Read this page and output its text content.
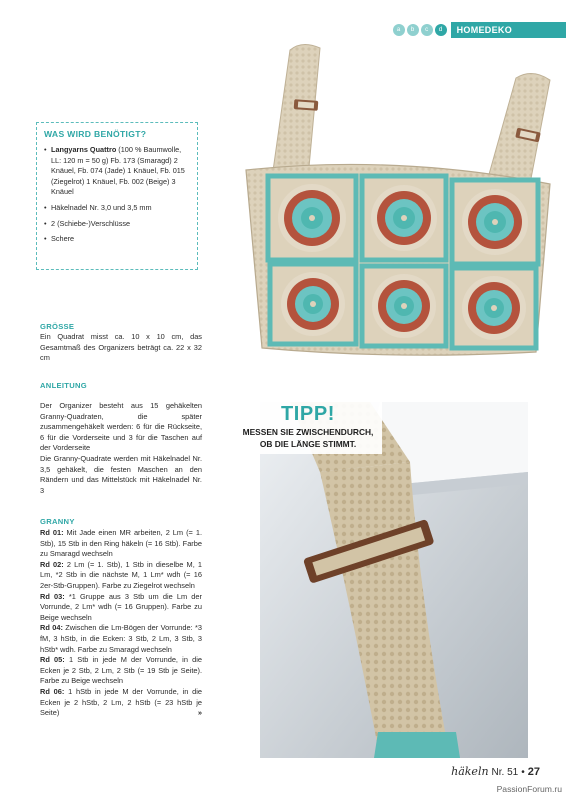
a	b	c	d	HOMEDEKO
TIPP!
MESSEN SIE ZWISCHENDURCH,
OB DIE LÄNGE STIMMT.
WAS WIRD BENÖTIGT?
• Langyarns Quattro (100 % Baumwolle, LL: 120 m = 50 g) Fb. 173 (Smaragd) 2 Knäuel, Fb. 074 (Jade) 1 Knäuel, Fb. 015 (Ziegelrot) 1 Knäuel, Fb. 002 (Beige) 3 Knäuel
• Häkelnadel Nr. 3,0 und 3,5 mm
• 2 (Schiebe-)Verschlüsse
• Schere
GRÖSSE
Ein Quadrat misst ca. 10 x 10 cm, das Gesamtmaß des Organizers beträgt ca. 22 x 32 cm
ANLEITUNG
Der Organizer besteht aus 15 gehäkelten Granny-Quadraten, die später zusammengehäkelt werden: 6 für die Rückseite, 6 für die Vorderseite und 3 für die Taschen auf der Vorderseite
Die Granny-Quadrate werden mit Häkelnadel Nr. 3,5 gehäkelt, die festen Maschen an den Rändern und das Mittelstück mit Häkelnadel Nr. 3
GRANNY

Rd 01: Mit Jade einen MR arbeiten, 2 Lm (= 1. Stb), 15 Stb in den Ring häkeln (= 16 Stb). Farbe zu Smaragd wechseln

Rd 02: 2 Lm (= 1. Stb), 1 Stb in dieselbe M, 1 Lm, *2 Stb in die nächste M, 1 Lm* wdh (= 16 2er-Stb-Gruppen). Farbe zu Ziegelrot wechseln

Rd 03: *1 Gruppe aus 3 Stb um die Lm der Vorrunde, 2 Lm* wdh (= 16 Gruppen). Farbe zu Beige wechseln

Rd 04: Zwischen die Lm-Bögen der Vorrunde: *3 fM, 3 hStb, in die Ecken: 3 Stb, 2 Lm, 3 Stb, 3 hStb* wdh. Farbe zu Smaragd wechseln

Rd 05: 1 Stb in jede M der Vorrunde, in die Ecken je 2 Stb, 2 Lm, 2 Stb (= 19 Stb je Seite). Farbe zu Beige wechseln

Rd 06: 1 hStb in jede M der Vorrunde, in die Ecken je 2 hStb, 2 Lm, 2 hStb (= 23 hStb je Seite)	»

häkeln Nr. 51 • 27
PassionForum.ru
